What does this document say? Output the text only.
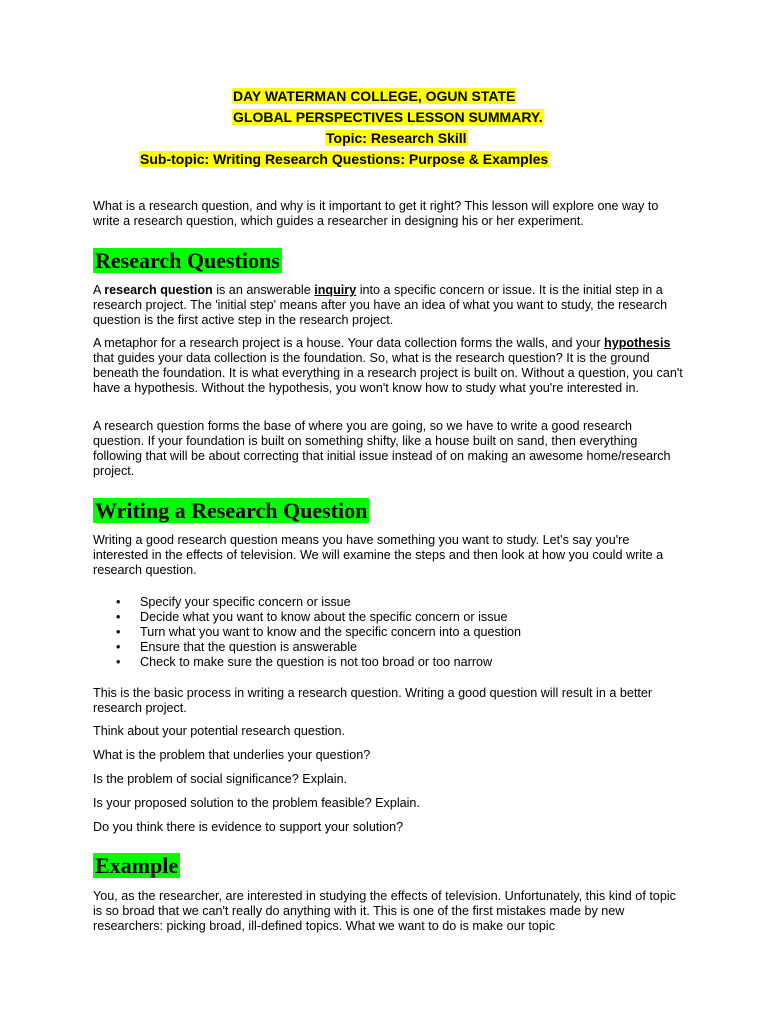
DAY WATERMAN COLLEGE, OGUN STATE
GLOBAL PERSPECTIVES LESSON SUMMARY.
Topic: Research Skill
Sub-topic: Writing Research Questions: Purpose & Examples

What is a research question, and why is it important to get it right? This lesson will explore one way to write a research question, which guides a researcher in designing his or her experiment.

Research Questions

A research question is an answerable inquiry into a specific concern or issue. It is the initial step in a research project. The 'initial step' means after you have an idea of what you want to study, the research question is the first active step in the research project.

A metaphor for a research project is a house. Your data collection forms the walls, and your hypothesis that guides your data collection is the foundation. So, what is the research question? It is the ground beneath the foundation. It is what everything in a research project is built on. Without a question, you can't have a hypothesis. Without the hypothesis, you won't know how to study what you're interested in.

A research question forms the base of where you are going, so we have to write a good research question. If your foundation is built on something shifty, like a house built on sand, then everything following that will be about correcting that initial issue instead of on making an awesome home/research project.

Writing a Research Question

Writing a good research question means you have something you want to study. Let's say you're interested in the effects of television. We will examine the steps and then look at how you could write a research question.

• Specify your specific concern or issue
• Decide what you want to know about the specific concern or issue
• Turn what you want to know and the specific concern into a question
• Ensure that the question is answerable
• Check to make sure the question is not too broad or too narrow

This is the basic process in writing a research question. Writing a good question will result in a better research project.

Think about your potential research question.

What is the problem that underlies your question?

Is the problem of social significance? Explain.

Is your proposed solution to the problem feasible? Explain.

Do you think there is evidence to support your solution?

Example

You, as the researcher, are interested in studying the effects of television. Unfortunately, this kind of topic is so broad that we can't really do anything with it. This is one of the first mistakes made by new researchers: picking broad, ill-defined topics. What we want to do is make our topic
